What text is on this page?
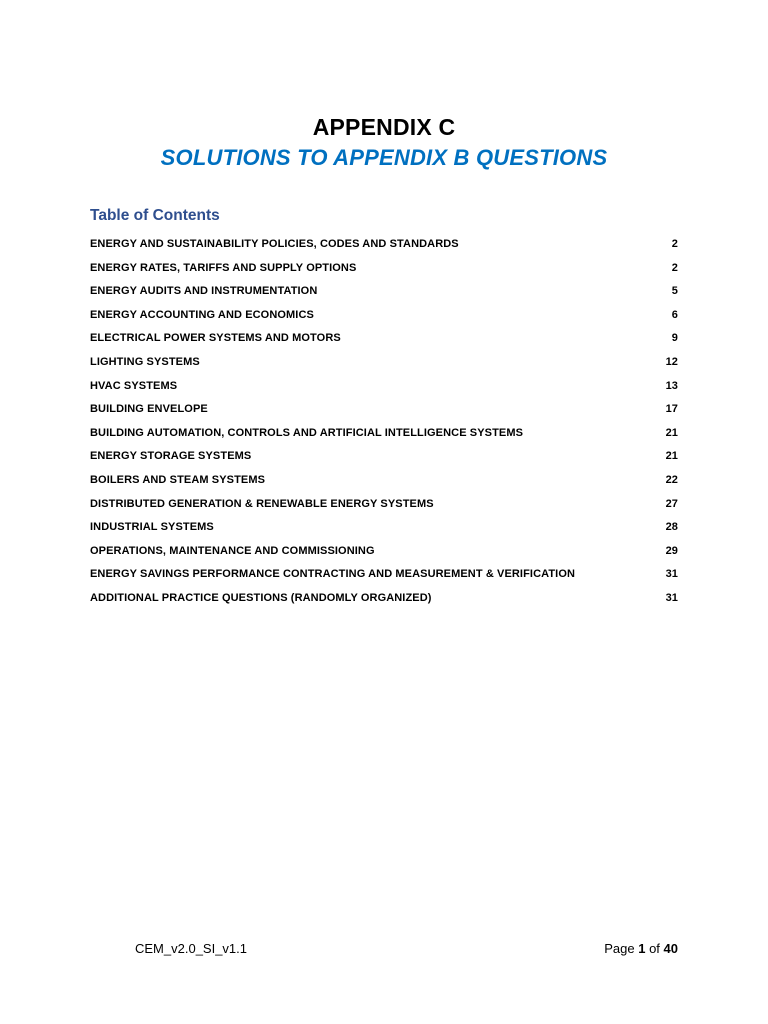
APPENDIX C
SOLUTIONS TO APPENDIX B QUESTIONS
Table of Contents
ENERGY AND SUSTAINABILITY POLICIES, CODES AND STANDARDS	2
ENERGY RATES, TARIFFS AND SUPPLY OPTIONS	2
ENERGY AUDITS AND INSTRUMENTATION	5
ENERGY ACCOUNTING AND ECONOMICS	6
ELECTRICAL POWER SYSTEMS AND MOTORS	9
LIGHTING SYSTEMS	12
HVAC SYSTEMS	13
BUILDING ENVELOPE	17
BUILDING AUTOMATION, CONTROLS AND ARTIFICIAL INTELLIGENCE SYSTEMS	21
ENERGY STORAGE SYSTEMS	21
BOILERS AND STEAM SYSTEMS	22
DISTRIBUTED GENERATION & RENEWABLE ENERGY SYSTEMS	27
INDUSTRIAL SYSTEMS	28
OPERATIONS, MAINTENANCE AND COMMISSIONING	29
ENERGY SAVINGS PERFORMANCE CONTRACTING AND MEASUREMENT & VERIFICATION	31
ADDITIONAL PRACTICE QUESTIONS (RANDOMLY ORGANIZED)	31
CEM_v2.0_SI_v1.1	Page 1 of 40
